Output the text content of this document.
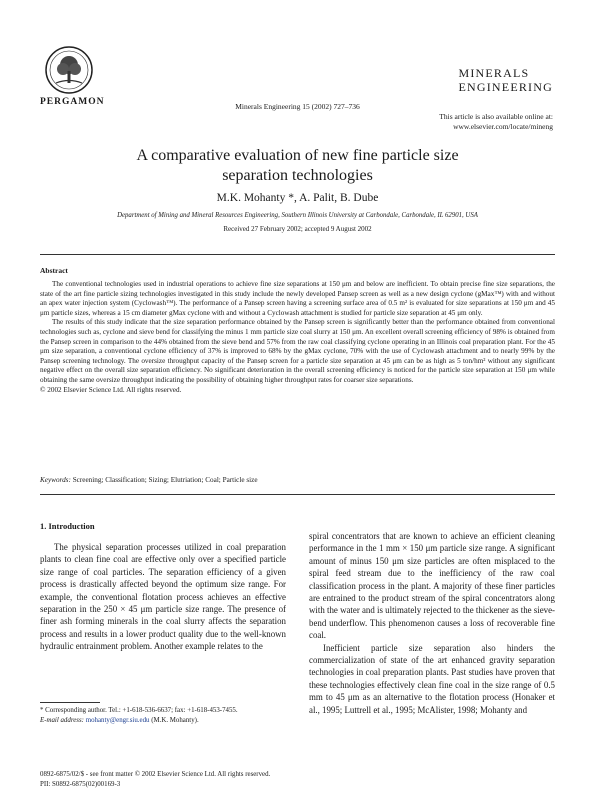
PERGAMON	Minerals Engineering 15 (2002) 727–736
MINERALS
ENGINEERING
This article is also available online at:
www.elsevier.com/locate/mineng
A comparative evaluation of new fine particle size
separation technologies
M.K. Mohanty *, A. Palit, B. Dube
Department of Mining and Mineral Resources Engineering, Southern Illinois University at Carbondale, Carbondale, IL 62901, USA
Received 27 February 2002; accepted 9 August 2002
Abstract

The conventional technologies used in industrial operations to achieve fine size separations at 150 μm and below are inefficient. To obtain precise fine size separations, the state of the art fine particle sizing technologies investigated in this study include the newly developed Pansep screen as well as a new design cyclone (gMax™) with and without an apex water injection system (Cyclowash™). The performance of a Pansep screen having a screening surface area of 0.5 m² is evaluated for size separations at 150 μm and 45 μm particle sizes, whereas a 15 cm diameter gMax cyclone with and without a Cyclowash attachment is studied for particle size separation at 45 μm only.

The results of this study indicate that the size separation performance obtained by the Pansep screen is significantly better than the performance obtained from conventional technologies such as, cyclone and sieve bend for classifying the minus 1 mm particle size coal slurry at 150 μm. An excellent overall screening efficiency of 98% is obtained from the Pansep screen in comparison to the 44% obtained from the sieve bend and 57% from the raw coal classifying cyclone operating in an Illinois coal preparation plant. For the 45 μm size separation, a conventional cyclone efficiency of 37% is improved to 68% by the gMax cyclone, 70% with the use of Cyclowash attachment and to nearly 99% by the Pansep screening technology. The oversize throughput capacity of the Pansep screen for a particle size separation at 45 μm can be as high as 5 ton/hm² without any significant negative effect on the overall size separation efficiency. No significant deterioration in the overall screening efficiency is noticed for the particle size separation at 150 μm while obtaining the same oversize throughput indicating the possibility of obtaining higher throughput rates for coarser size separations.

© 2002 Elsevier Science Ltd. All rights reserved.

Keywords: Screening; Classification; Sizing; Elutriation; Coal; Particle size
1. Introduction

The physical separation processes utilized in coal preparation plants to clean fine coal are effective only over a specified particle size range of coal particles. The separation efficiency of a given process is drastically affected beyond the optimum size range. For example, the conventional flotation process achieves an effective separation in the 250 × 45 μm particle size range. The presence of finer ash forming minerals in the coal slurry affects the separation process and results in a lower product quality due to the well-known hydraulic entrainment problem. Another example relates to the

spiral concentrators that are known to achieve an efficient cleaning performance in the 1 mm × 150 μm particle size range. A significant amount of minus 150 μm size particles are often misplaced to the spiral feed stream due to the inefficiency of the raw coal classification process in the plant. A majority of these finer particles are entrained to the product stream of the spiral concentrators along with the water and is ultimately rejected to the thickener as the sieve-bend underflow. This phenomenon causes a loss of recoverable fine coal.

Inefficient particle size separation also hinders the commercialization of state of the art enhanced gravity separation technologies in coal preparation plants. Past studies have proven that these technologies effectively clean fine coal in the size range of 0.5 mm to 45 μm as an alternative to the flotation process (Honaker et al., 1995; Luttrell et al., 1995; McAlister, 1998; Mohanty and

* Corresponding author. Tel.: +1-618-536-6637; fax: +1-618-453-7455.

E-mail address: mohanty@engr.siu.edu (M.K. Mohanty).

0892-6875/02/$ - see front matter © 2002 Elsevier Science Ltd. All rights reserved.
PII: S0892-6875(02)00169-3
